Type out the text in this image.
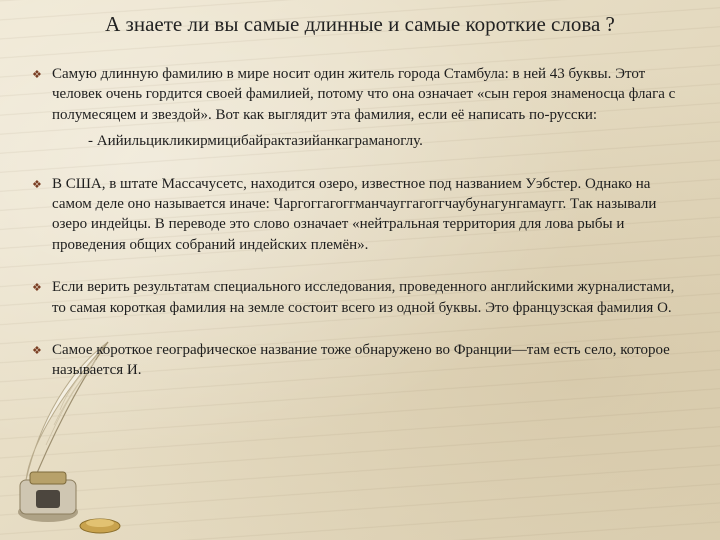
А знаете ли вы самые длинные и самые короткие слова ?
❖ Самую длинную фамилию в мире носит один житель города Стамбула: в ней 43 буквы. Этот человек очень гордится своей фамилией, потому что она означает «сын героя знаменосца флага с полумесяцем и звездой». Вот как выглядит эта фамилия, если её написать по-русски:

- Аийильцикликирмицибайрактазийанкаграманоглу.

❖ В США, в штате Массачусетс, находится озеро, известное под названием Уэбстер. Однако на самом деле оно называется иначе: Чаргоггагоггманчауггагоггчаубунагунгамаугг. Так называли озеро индейцы. В переводе это слово означает «нейтральная территория для лова рыбы и проведения общих собраний индейских племён».

❖ Если верить результатам специального исследования, проведенного английскими журналистами, то самая короткая фамилия на земле состоит всего из одной буквы. Это французская фамилия О.

❖ Самое короткое географическое название тоже обнаружено во Франции—там есть село, которое называется И.
